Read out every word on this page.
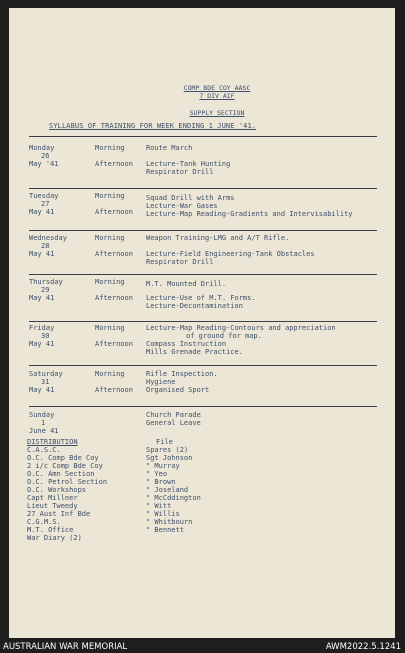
COMP BDE COY AASC
7 DIV AIF
SUPPLY SECTION
SYLLABUS OF TRAINING FOR WEEK ENDING 1 JUNE '41.
Monday
26
May '41
Morning
Afternoon
Route March
Lecture-Tank Hunting
Respirator Drill
Tuesday
27
May 41
Morning
Afternoon
Squad Drill with Arms
Lecture-War Gases
Lecture-Map Reading-Gradients and Intervisability
Wednesday
28
May 41
Morning
Afternoon
Weapon Training-LMG and A/T Rifle.
Lecture-Field Engineering-Tank Obstacles
Respirator Drill
Thursday
29
May 41
Morning
Afternoon
M.T. Mounted Drill.
Lecture-Use of M.T. Forms.
Lecture-Decontamination
Friday
30
May 41
Morning
Afternoon
Lecture-Map Reading-Contours and appreciation
of ground for map.
Compass Instruction
Mills Grenade Practice.
Saturday
31
May 41
Morning
Afternoon
Rifle Inspection.
Hygiene
Organised Sport
Sunday
1
June 41
Church Parade
General Leave
DISTRIBUTION
C.A.S.C.
O.C. Comp Bde Coy
2 i/c Comp Bde Coy
O.C. Amn Section
O.C. Petrol Section
O.C. Workshops
Capt Millner
Lieut Tweedy
27 Aust Inf Bde
C.G.M.S.
M.T. Office
War Diary (2)
File
Spares (2)
Sgt Johnson
" Murray
" Yeo
" Brown
" Joseland
" McCddington
" Witt
" Willis
" Whitbourn
" Bennett
AUSTRALIAN WAR MEMORIAL	AWM2022.5.1241
